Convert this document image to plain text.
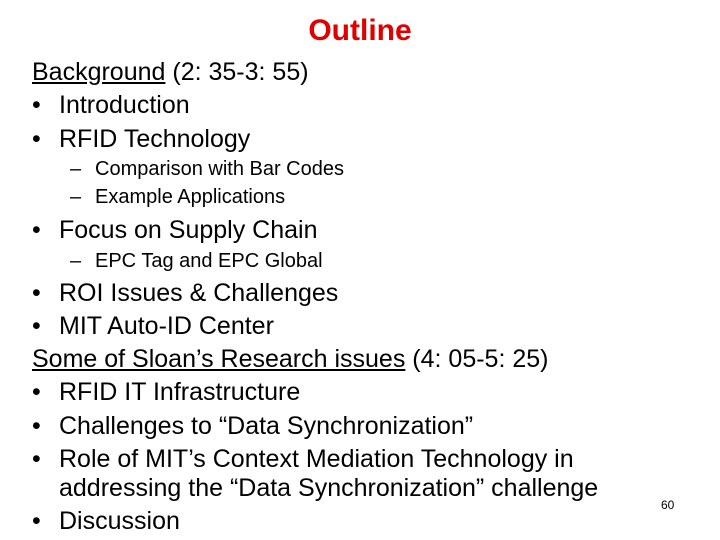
Outline
Background (2: 35-3: 55)
• Introduction
• RFID Technology
– Comparison with Bar Codes
– Example Applications
• Focus on Supply Chain
– EPC Tag and EPC Global
• ROI Issues & Challenges
• MIT Auto-ID Center
Some of Sloan’s Research issues (4: 05-5: 25)
• RFID IT Infrastructure
• Challenges to “Data Synchronization”
• Role of MIT’s Context Mediation Technology in
addressing the “Data Synchronization” challenge
60
• Discussion
